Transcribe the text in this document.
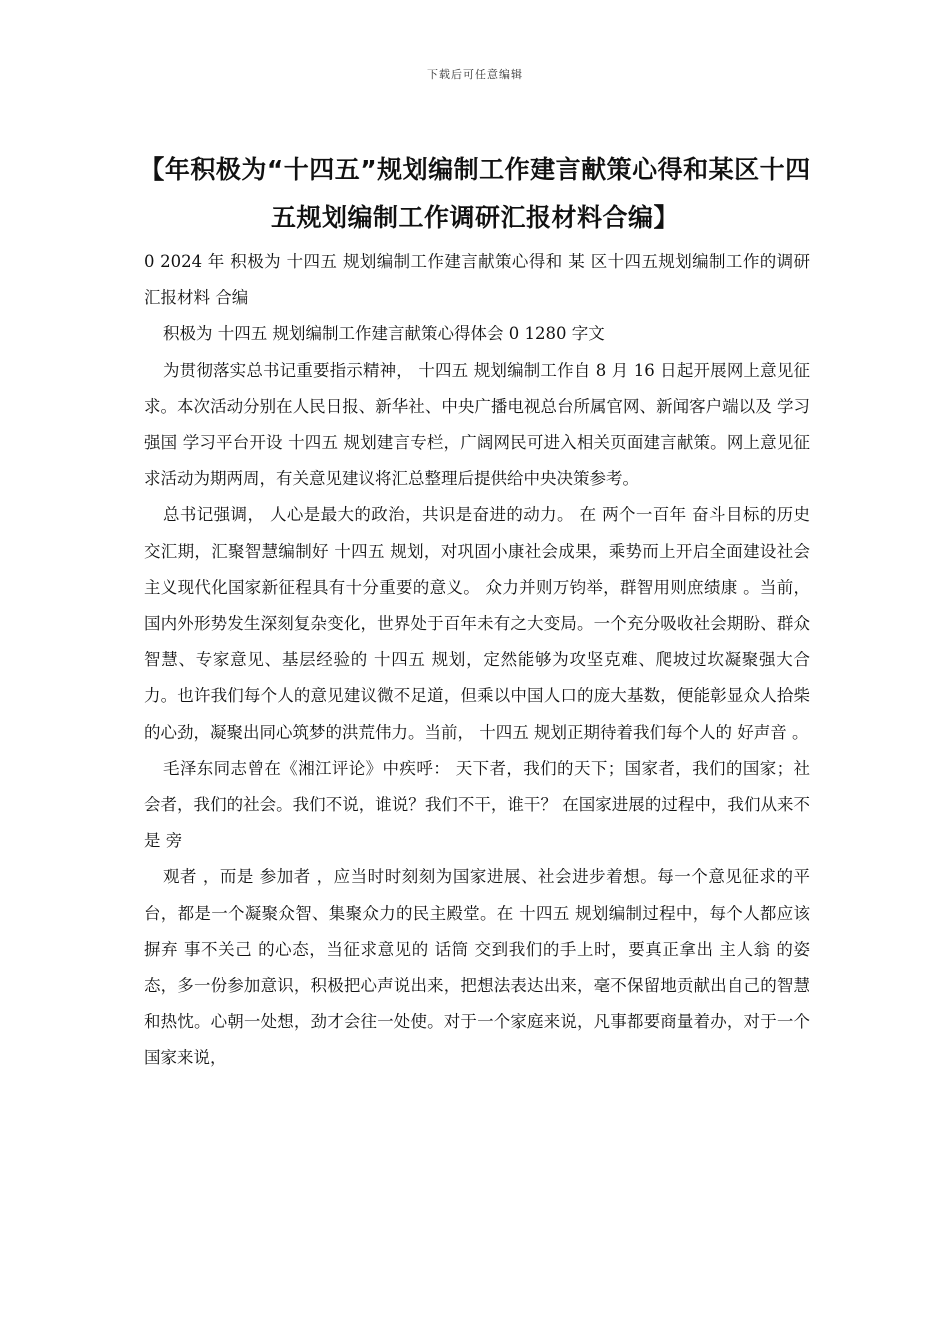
下载后可任意编辑
【年积极为“十四五”规划编制工作建言献策心得和某区十四五规划编制工作调研汇报材料合编】

0 2024 年 积极为 十四五 规划编制工作建言献策心得和 某 区十四五规划编制工作的调研汇报材料 合编

积极为 十四五 规划编制工作建言献策心得体会 0 1280 字文

为贯彻落实总书记重要指示精神， 十四五 规划编制工作自 8 月 16 日起开展网上意见征求。本次活动分别在人民日报、新华社、中央广播电视总台所属官网、新闻客户端以及 学习强国 学习平台开设 十四五 规划建言专栏，广阔网民可进入相关页面建言献策。网上意见征求活动为期两周，有关意见建议将汇总整理后提供给中央决策参考。

总书记强调， 人心是最大的政治，共识是奋进的动力。 在 两个一百年 奋斗目标的历史交汇期，汇聚智慧编制好 十四五 规划，对巩固小康社会成果，乘势而上开启全面建设社会主义现代化国家新征程具有十分重要的意义。 众力并则万钧举，群智用则庶绩康 。当前，国内外形势发生深刻复杂变化，世界处于百年未有之大变局。一个充分吸收社会期盼、群众智慧、专家意见、基层经验的 十四五 规划，定然能够为攻坚克难、爬坡过坎凝聚强大合力。也许我们每个人的意见建议微不足道，但乘以中国人口的庞大基数，便能彰显众人拾柴的心劲，凝聚出同心筑梦的洪荒伟力。当前， 十四五 规划正期待着我们每个人的 好声音 。

毛泽东同志曾在《湘江评论》中疾呼： 天下者，我们的天下；国家者，我们的国家；社会者，我们的社会。我们不说，谁说？我们不干，谁干？ 在国家进展的过程中，我们从来不是 旁

观者 ，而是 参加者 ，应当时时刻刻为国家进展、社会进步着想。每一个意见征求的平台，都是一个凝聚众智、集聚众力的民主殿堂。在 十四五 规划编制过程中，每个人都应该摒弃 事不关己 的心态，当征求意见的 话筒 交到我们的手上时，要真正拿出 主人翁 的姿态，多一份参加意识，积极把心声说出来，把想法表达出来，毫不保留地贡献出自己的智慧和热忱。心朝一处想，劲才会往一处使。对于一个家庭来说，凡事都要商量着办，对于一个国家来说，
